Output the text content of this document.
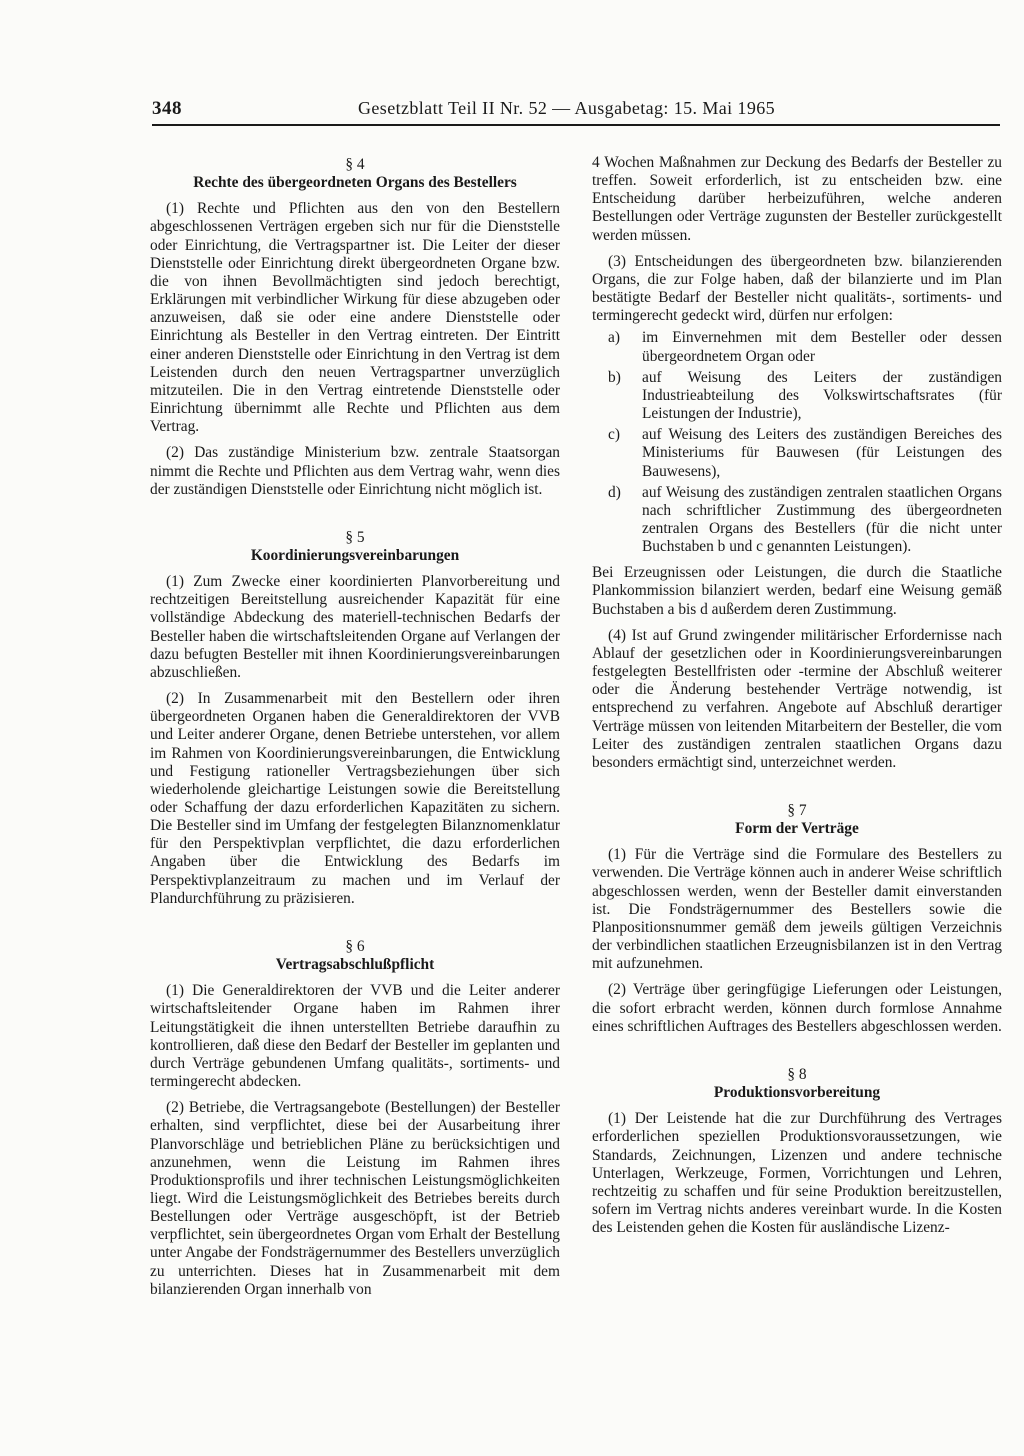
348	Gesetzblatt Teil II Nr. 52 — Ausgabetag: 15. Mai 1965

§ 4

Rechte des übergeordneten Organs des Bestellers

(1) Rechte und Pflichten aus den von den Bestellern abgeschlossenen Verträgen ergeben sich nur für die Dienststelle oder Einrichtung, die Vertragspartner ist. Die Leiter der dieser Dienststelle oder Einrichtung direkt übergeordneten Organe bzw. die von ihnen Bevollmächtigten sind jedoch berechtigt, Erklärungen mit verbindlicher Wirkung für diese abzugeben oder anzuweisen, daß sie oder eine andere Dienststelle oder Einrichtung als Besteller in den Vertrag eintreten. Der Eintritt einer anderen Dienststelle oder Einrichtung in den Vertrag ist dem Leistenden durch den neuen Vertragspartner unverzüglich mitzuteilen. Die in den Vertrag eintretende Dienststelle oder Einrichtung übernimmt alle Rechte und Pflichten aus dem Vertrag.

(2) Das zuständige Ministerium bzw. zentrale Staatsorgan nimmt die Rechte und Pflichten aus dem Vertrag wahr, wenn dies der zuständigen Dienststelle oder Einrichtung nicht möglich ist.

§ 5

Koordinierungsvereinbarungen

(1) Zum Zwecke einer koordinierten Planvorbereitung und rechtzeitigen Bereitstellung ausreichender Kapazität für eine vollständige Abdeckung des materiell-technischen Bedarfs der Besteller haben die wirtschaftsleitenden Organe auf Verlangen der dazu befugten Besteller mit ihnen Koordinierungsvereinbarungen abzuschließen.

(2) In Zusammenarbeit mit den Bestellern oder ihren übergeordneten Organen haben die Generaldirektoren der VVB und Leiter anderer Organe, denen Betriebe unterstehen, vor allem im Rahmen von Koordinierungsvereinbarungen, die Entwicklung und Festigung rationeller Vertragsbeziehungen über sich wiederholende gleichartige Leistungen sowie die Bereitstellung oder Schaffung der dazu erforderlichen Kapazitäten zu sichern. Die Besteller sind im Umfang der festgelegten Bilanznomenklatur für den Perspektivplan verpflichtet, die dazu erforderlichen Angaben über die Entwicklung des Bedarfs im Perspektivplanzeitraum zu machen und im Verlauf der Plandurchführung zu präzisieren.

§ 6

Vertragsabschlußpflicht

(1) Die Generaldirektoren der VVB und die Leiter anderer wirtschaftsleitender Organe haben im Rahmen ihrer Leitungstätigkeit die ihnen unterstellten Betriebe daraufhin zu kontrollieren, daß diese den Bedarf der Besteller im geplanten und durch Verträge gebundenen Umfang qualitäts-, sortiments- und termingerecht abdecken.

(2) Betriebe, die Vertragsangebote (Bestellungen) der Besteller erhalten, sind verpflichtet, diese bei der Ausarbeitung ihrer Planvorschläge und betrieblichen Pläne zu berücksichtigen und anzunehmen, wenn die Leistung im Rahmen ihres Produktionsprofils und ihrer technischen Leistungsmöglichkeiten liegt. Wird die Leistungsmöglichkeit des Betriebes bereits durch Bestellungen oder Verträge ausgeschöpft, ist der Betrieb verpflichtet, sein übergeordnetes Organ vom Erhalt der Bestellung unter Angabe der Fondsträgernummer des Bestellers unverzüglich zu unterrichten. Dieses hat in Zusammenarbeit mit dem bilanzierenden Organ innerhalb von

4 Wochen Maßnahmen zur Deckung des Bedarfs der Besteller zu treffen. Soweit erforderlich, ist zu entscheiden bzw. eine Entscheidung darüber herbeizuführen, welche anderen Bestellungen oder Verträge zugunsten der Besteller zurückgestellt werden müssen.

(3) Entscheidungen des übergeordneten bzw. bilanzierenden Organs, die zur Folge haben, daß der bilanzierte und im Plan bestätigte Bedarf der Besteller nicht qualitäts-, sortiments- und termingerecht gedeckt wird, dürfen nur erfolgen:

a)	im Einvernehmen mit dem Besteller oder dessen übergeordnetem Organ oder
b)	auf Weisung des Leiters der zuständigen Industrieabteilung des Volkswirtschaftsrates (für Leistungen der Industrie),
c)	auf Weisung des Leiters des zuständigen Bereiches des Ministeriums für Bauwesen (für Leistungen des Bauwesens),
d)	auf Weisung des zuständigen zentralen staatlichen Organs nach schriftlicher Zustimmung des übergeordneten zentralen Organs des Bestellers (für die nicht unter Buchstaben b und c genannten Leistungen).

Bei Erzeugnissen oder Leistungen, die durch die Staatliche Plankommission bilanziert werden, bedarf eine Weisung gemäß Buchstaben a bis d außerdem deren Zustimmung.

(4) Ist auf Grund zwingender militärischer Erfordernisse nach Ablauf der gesetzlichen oder in Koordinierungsvereinbarungen festgelegten Bestellfristen oder -termine der Abschluß weiterer oder die Änderung bestehender Verträge notwendig, ist entsprechend zu verfahren. Angebote auf Abschluß derartiger Verträge müssen von leitenden Mitarbeitern der Besteller, die vom Leiter des zuständigen zentralen staatlichen Organs dazu besonders ermächtigt sind, unterzeichnet werden.

§ 7

Form der Verträge

(1) Für die Verträge sind die Formulare des Bestellers zu verwenden. Die Verträge können auch in anderer Weise schriftlich abgeschlossen werden, wenn der Besteller damit einverstanden ist. Die Fondsträgernummer des Bestellers sowie die Planpositionsnummer gemäß dem jeweils gültigen Verzeichnis der verbindlichen staatlichen Erzeugnisbilanzen ist in den Vertrag mit aufzunehmen.

(2) Verträge über geringfügige Lieferungen oder Leistungen, die sofort erbracht werden, können durch formlose Annahme eines schriftlichen Auftrages des Bestellers abgeschlossen werden.

§ 8

Produktionsvorbereitung

(1) Der Leistende hat die zur Durchführung des Vertrages erforderlichen speziellen Produktionsvoraussetzungen, wie Standards, Zeichnungen, Lizenzen und andere technische Unterlagen, Werkzeuge, Formen, Vorrichtungen und Lehren, rechtzeitig zu schaffen und für seine Produktion bereitzustellen, sofern im Vertrag nichts anderes vereinbart wurde. In die Kosten des Leistenden gehen die Kosten für ausländische Lizenz-
